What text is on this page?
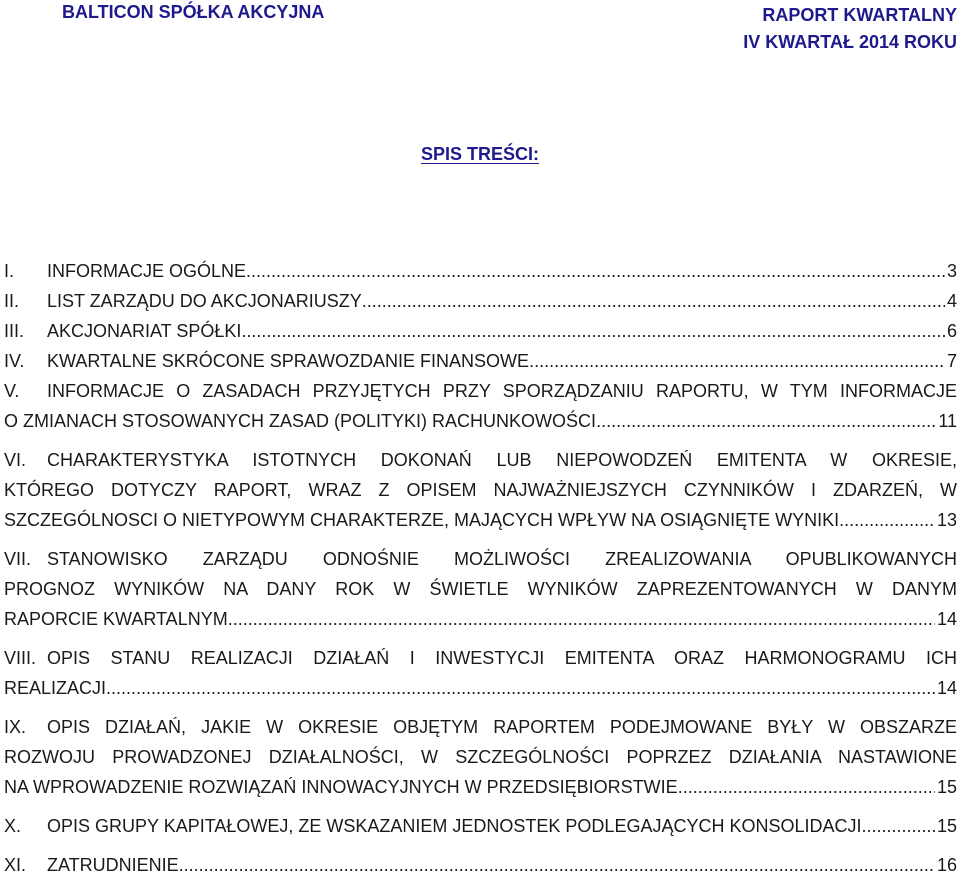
BALTICON SPÓŁKA AKCYJNA	RAPORT KWARTALNY
IV KWARTAŁ 2014 ROKU
SPIS TREŚCI:
I.	INFORMACJE OGÓLNE .....	3
II.	LIST ZARZĄDU DO AKCJONARIUSZY .....	4
III.	AKCJONARIAT SPÓŁKI .....	6
IV.	KWARTALNE SKRÓCONE SPRAWOZDANIE FINANSOWE .....	7
V. INFORMACJE O ZASADACH PRZYJĘTYCH PRZY SPORZĄDZANIU RAPORTU, W TYM INFORMACJE
O ZMIANACH STOSOWANYCH ZASAD (POLITYKI) RACHUNKOWOŚCI .....	11
VI. CHARAKTERYSTYKA ISTOTNYCH DOKONAŃ LUB NIEPOWODZEŃ EMITENTA W OKRESIE,
KTÓREGO DOTYCZY RAPORT, WRAZ Z OPISEM NAJWAŻNIEJSZYCH CZYNNIKÓW I ZDARZEŃ, W
SZCZEGÓLNOSCI O NIETYPOWYM CHARAKTERZE, MAJĄCYCH WPŁYW NA OSIĄGNIĘTE WYNIKI .....	13
VII. STANOWISKO ZARZĄDU ODNOŚNIE MOŻLIWOŚCI ZREALIZOWANIA OPUBLIKOWANYCH
PROGNOZ WYNIKÓW NA DANY ROK W ŚWIETLE WYNIKÓW ZAPREZENTOWANYCH W DANYM
RAPORCIE KWARTALNYM .....	14
VIII. OPIS STANU REALIZACJI DZIAŁAŃ I INWESTYCJI EMITENTA ORAZ HARMONOGRAMU ICH
REALIZACJI .....	14
IX. OPIS DZIAŁAŃ, JAKIE W OKRESIE OBJĘTYM RAPORTEM PODEJMOWANE BYŁY W OBSZARZE
ROZWOJU PROWADZONEJ DZIAŁALNOŚCI, W SZCZEGÓLNOŚCI POPRZEZ DZIAŁANIA NASTAWIONE
NA WPROWADZENIE ROZWIĄZAŃ INNOWACYJNYCH W PRZEDSIĘBIORSTWIE .....	15
X.	OPIS GRUPY KAPITAŁOWEJ, ZE WSKAZANIEM JEDNOSTEK PODLEGAJĄCYCH KONSOLIDACJI .....	15
XI.	ZATRUDNIENIE .....	16
